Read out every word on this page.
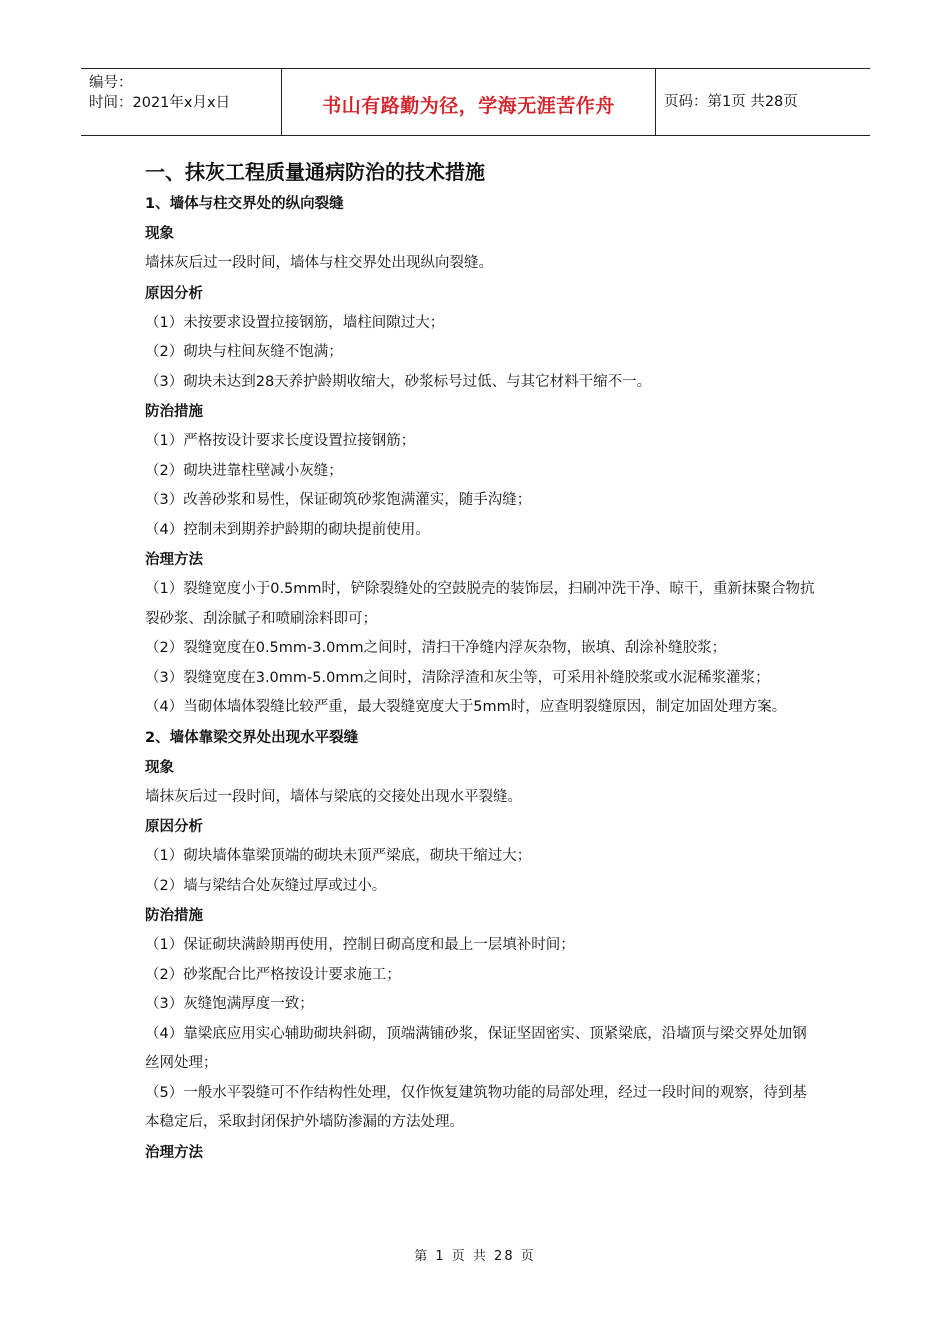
编号：
时间：2021年x月x日	书山有路勤为径，学海无涯苦作舟	页码：第1页 共28页
一、抹灰工程质量通病防治的技术措施
1、墙体与柱交界处的纵向裂缝
现象

墙抹灰后过一段时间，墙体与柱交界处出现纵向裂缝。

原因分析

（1）未按要求设置拉接钢筋，墙柱间隙过大；

（2）砌块与柱间灰缝不饱满；

（3）砌块未达到28天养护龄期收缩大，砂浆标号过低、与其它材料干缩不一。

防治措施

（1）严格按设计要求长度设置拉接钢筋；

（2）砌块进靠柱壁减小灰缝；

（3）改善砂浆和易性，保证砌筑砂浆饱满灌实，随手沟缝；

（4）控制未到期养护龄期的砌块提前使用。

治理方法

（1）裂缝宽度小于0.5mm时，铲除裂缝处的空鼓脱壳的装饰层，扫刷冲洗干净、晾干，重新抹聚合物抗裂砂浆、刮涂腻子和喷刷涂料即可；

（2）裂缝宽度在0.5mm-3.0mm之间时，清扫干净缝内浮灰杂物，嵌填、刮涂补缝胶浆；

（3）裂缝宽度在3.0mm-5.0mm之间时，清除浮渣和灰尘等，可采用补缝胶浆或水泥稀浆灌浆；

（4）当砌体墙体裂缝比较严重，最大裂缝宽度大于5mm时，应查明裂缝原因，制定加固处理方案。

2、墙体靠梁交界处出现水平裂缝
现象

墙抹灰后过一段时间，墙体与梁底的交接处出现水平裂缝。

原因分析

（1）砌块墙体靠梁顶端的砌块未顶严梁底，砌块干缩过大；

（2）墙与梁结合处灰缝过厚或过小。

防治措施

（1）保证砌块满龄期再使用，控制日砌高度和最上一层填补时间；

（2）砂浆配合比严格按设计要求施工；

（3）灰缝饱满厚度一致；

（4）靠梁底应用实心辅助砌块斜砌，顶端满铺砂浆，保证坚固密实、顶紧梁底，沿墙顶与梁交界处加钢丝网处理；

（5）一般水平裂缝可不作结构性处理，仅作恢复建筑物功能的局部处理，经过一段时间的观察，待到基本稳定后，采取封闭保护外墙防渗漏的方法处理。

治理方法
第 1 页 共 28 页
